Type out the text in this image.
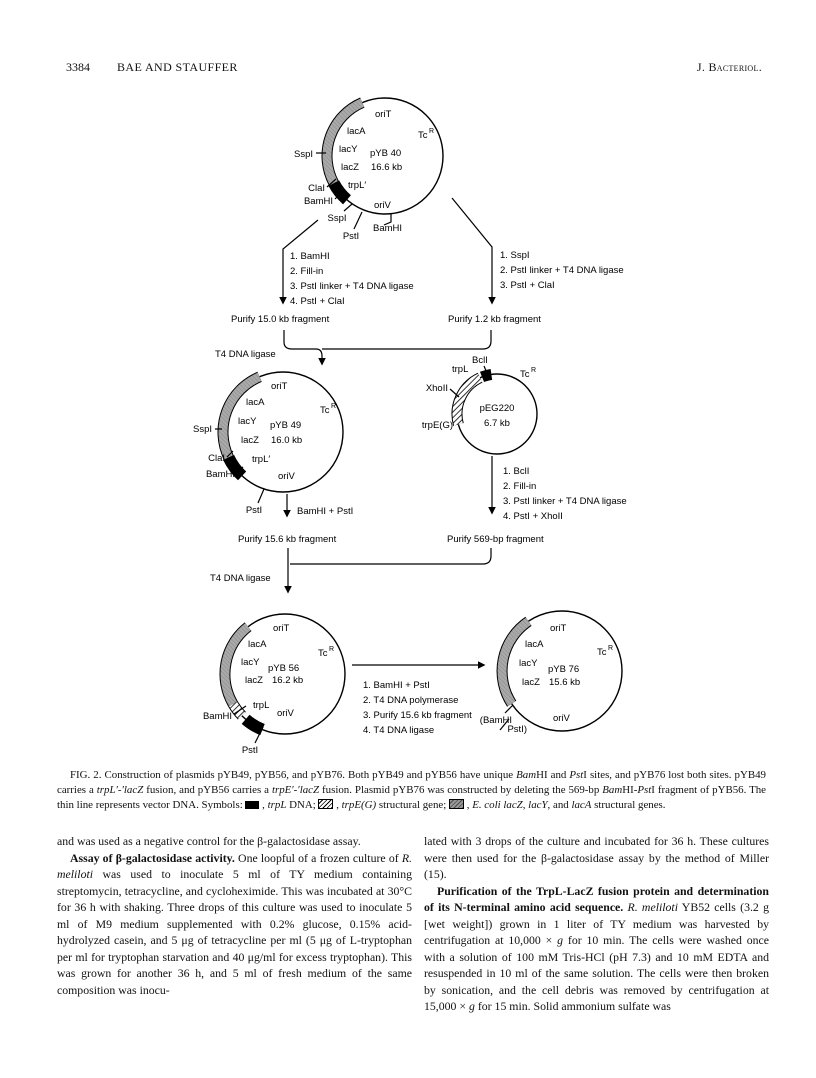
3384 BAE AND STAUFFER	J. Bacteriol.
oriT
Tc R
lacA
lacY pYB 40
lacZ 16.6 kb
trpL′
oriV
SspI
ClaI
BamHI
SspI
PstI
BamHI
1. BamHI
2. Fill-in
3. PstI linker + T4 DNA ligase
4. PstI + ClaI
Purify 15.0 kb fragment
1. SspI
2. PstI linker + T4 DNA ligase
3. PstI + ClaI
Purify 1.2 kb fragment
T4 DNA ligase
oriT
Tc R
lacA
lacY pYB 49
lacZ 16.0 kb
trpL′
oriV
SspI
ClaI
BamHI
PstI	BamHI + PstI
Purify 15.6 kb fragment
BclI
trpL	Tc R
XhoII
pEG220
6.7 kb
trpE(G)
1. BclI
2. Fill-in
3. PstI linker + T4 DNA ligase
4. PstI + XhoII
Purify 569-bp fragment
T4 DNA ligase
oriT
Tc R
lacA
lacY
pYB 56
lacZ 16.2 kb
trpL
oriV
BamHI
PstI
1. BamHI + PstI
2. T4 DNA polymerase
3. Purify 15.6 kb fragment
4. T4 DNA ligase
oriT
Tc R
lacA
lacY
pYB 76
lacZ 15.6 kb
oriV
(BamHI
PstI)

FIG. 2. Construction of plasmids pYB49, pYB56, and pYB76. Both pYB49 and pYB56 have unique BamHI and PstI sites, and pYB76 lost both sites. pYB49 carries a trpL′-′lacZ fusion, and pYB56 carries a trpE′-′lacZ fusion. Plasmid pYB76 was constructed by deleting the 569-bp BamHI-PstI fragment of pYB56. The thin line represents vector DNA. Symbols:  , trpL DNA;  , trpE(G) structural gene;  , E. coli lacZ, lacY, and lacA structural genes.

and was used as a negative control for the β-galactosidase assay.

Assay of β-galactosidase activity. One loopful of a frozen culture of R. meliloti was used to inoculate 5 ml of TY medium containing streptomycin, tetracycline, and cycloheximide. This was incubated at 30°C for 36 h with shaking. Three drops of this culture was used to inoculate 5 ml of M9 medium supplemented with 0.2% glucose, 0.15% acid-hydrolyzed casein, and 5 μg of tetracycline per ml (5 μg of L-tryptophan per ml for tryptophan starvation and 40 μg/ml for excess tryptophan). This was grown for another 36 h, and 5 ml of fresh medium of the same composition was inocu-

lated with 3 drops of the culture and incubated for 36 h. These cultures were then used for the β-galactosidase assay by the method of Miller (15).

Purification of the TrpL-LacZ fusion protein and determination of its N-terminal amino acid sequence. R. meliloti YB52 cells (3.2 g [wet weight]) grown in 1 liter of TY medium was harvested by centrifugation at 10,000 × g for 10 min. The cells were washed once with a solution of 100 mM Tris-HCl (pH 7.3) and 10 mM EDTA and resuspended in 10 ml of the same solution. The cells were then broken by sonication, and the cell debris was removed by centrifugation at 15,000 × g for 15 min. Solid ammonium sulfate was
